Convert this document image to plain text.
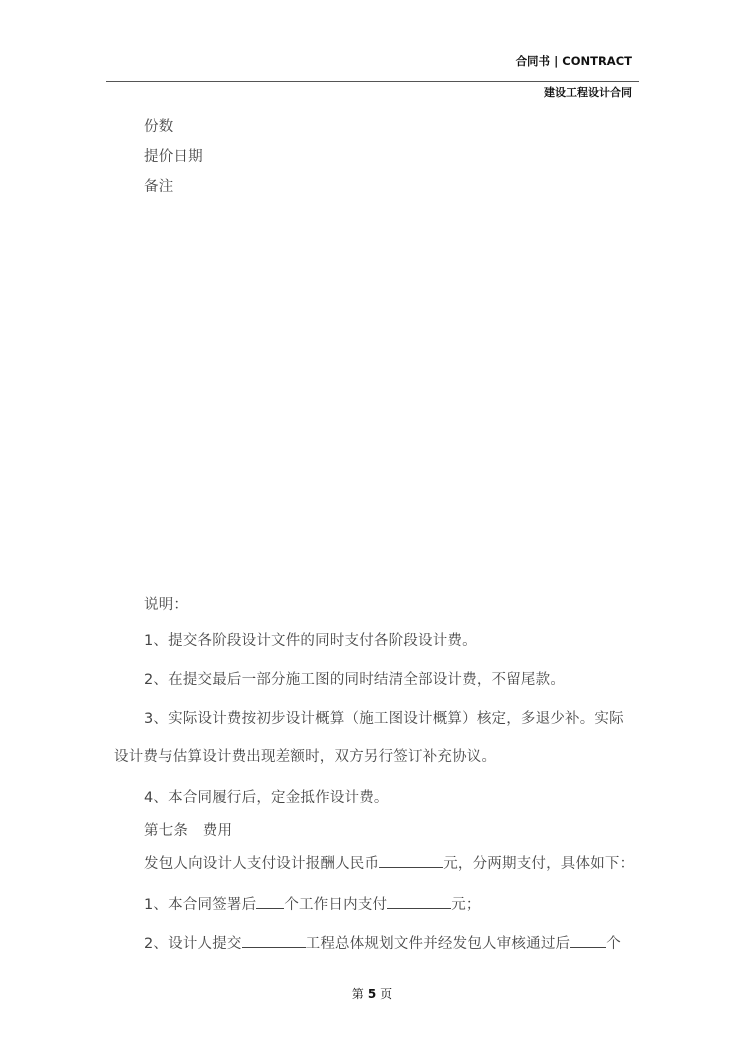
合同书 | CONTRACT
建设工程设计合同
份数
提价日期
备注
说明：
1、提交各阶段设计文件的同时支付各阶段设计费。
2、在提交最后一部分施工图的同时结清全部设计费，不留尾款。
3、实际设计费按初步设计概算（施工图设计概算）核定，多退少补。实际
设计费与估算设计费出现差额时，双方另行签订补充协议。
4、本合同履行后，定金抵作设计费。
第七条　费用
发包人向设计人支付设计报酬人民币	元，分两期支付，具体如下：
1、本合同签署后 个工作日内支付	元；
2、设计人提交	工程总体规划文件并经发包人审核通过后 个
第 5 页
